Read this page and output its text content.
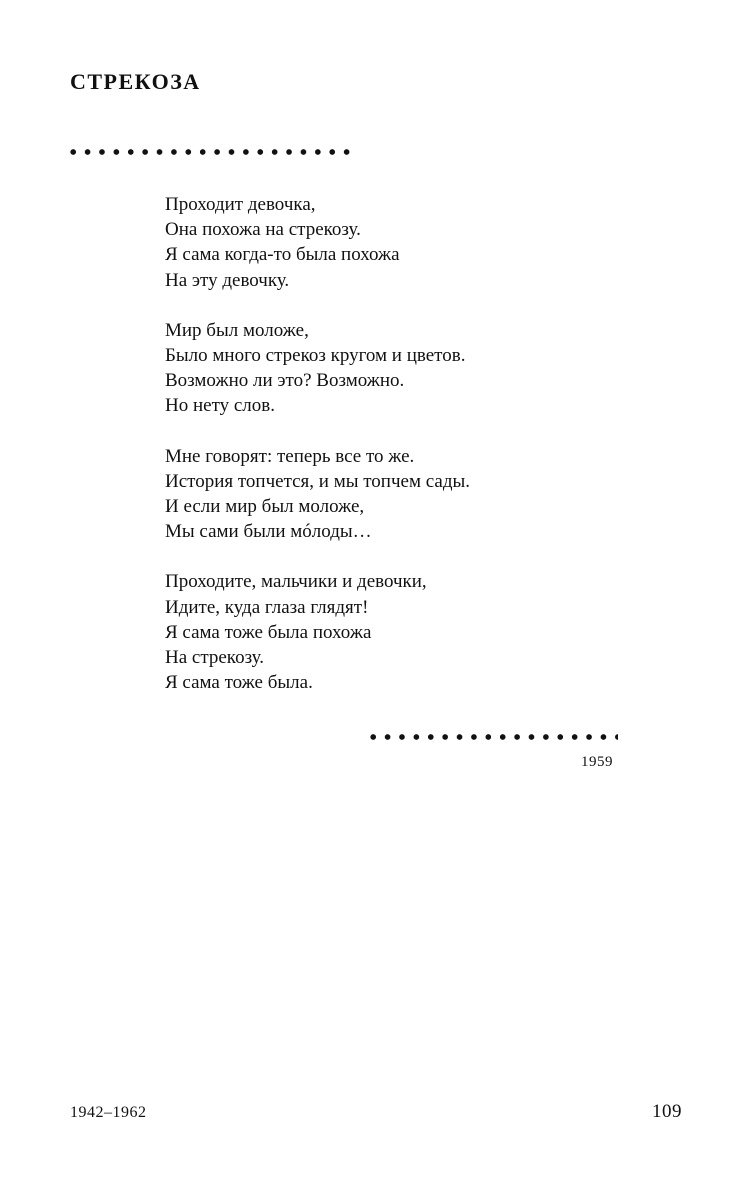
СТРЕКОЗА
Проходит девочка,
Она похожа на стрекозу.
Я сама когда-то была похожа
На эту девочку.
Мир был моложе,
Было много стрекоз кругом и цветов.
Возможно ли это? Возможно.
Но нету слов.
Мне говорят: теперь все то же.
История топчется, и мы топчем сады.
И если мир был моложе,
Мы сами были мóлоды…
Проходите, мальчики и девочки,
Идите, куда глаза глядят!
Я сама тоже была похожа
На стрекозу.
Я сама тоже была.
1959
1942–1962	109
